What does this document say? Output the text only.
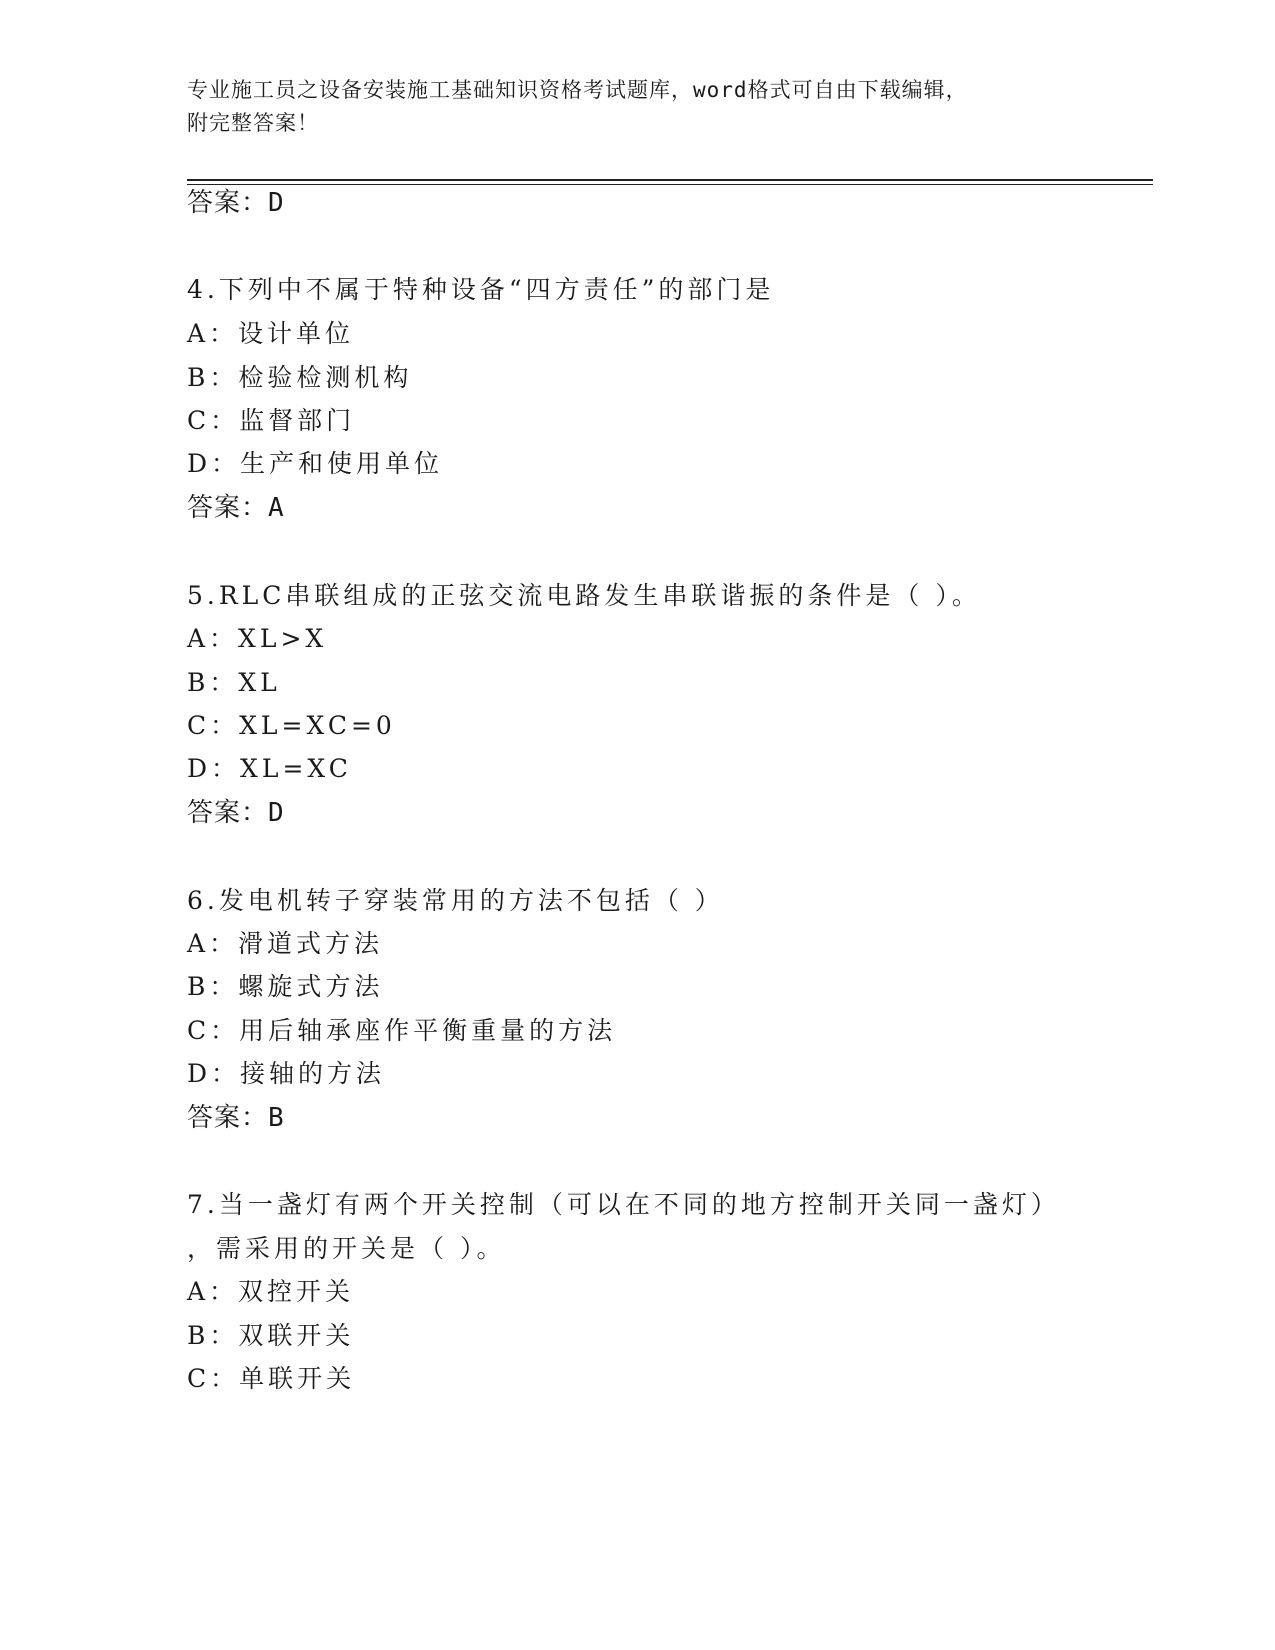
专业施工员之设备安装施工基础知识资格考试题库，word格式可自由下载编辑，
附完整答案！
答案：D
4.下列中不属于特种设备“四方责任”的部门是
A：设计单位
B：检验检测机构
C：监督部门
D：生产和使用单位
答案：A
5.RLC串联组成的正弦交流电路发生串联谐振的条件是（ ）。
A：XL>X
B：XL
C：XL=XC=0
D：XL=XC
答案：D
6.发电机转子穿装常用的方法不包括（ ）
A：滑道式方法
B：螺旋式方法
C：用后轴承座作平衡重量的方法
D：接轴的方法
答案：B
7.当一盏灯有两个开关控制（可以在不同的地方控制开关同一盏灯）
，需采用的开关是（ ）。
A：双控开关
B：双联开关
C：单联开关
